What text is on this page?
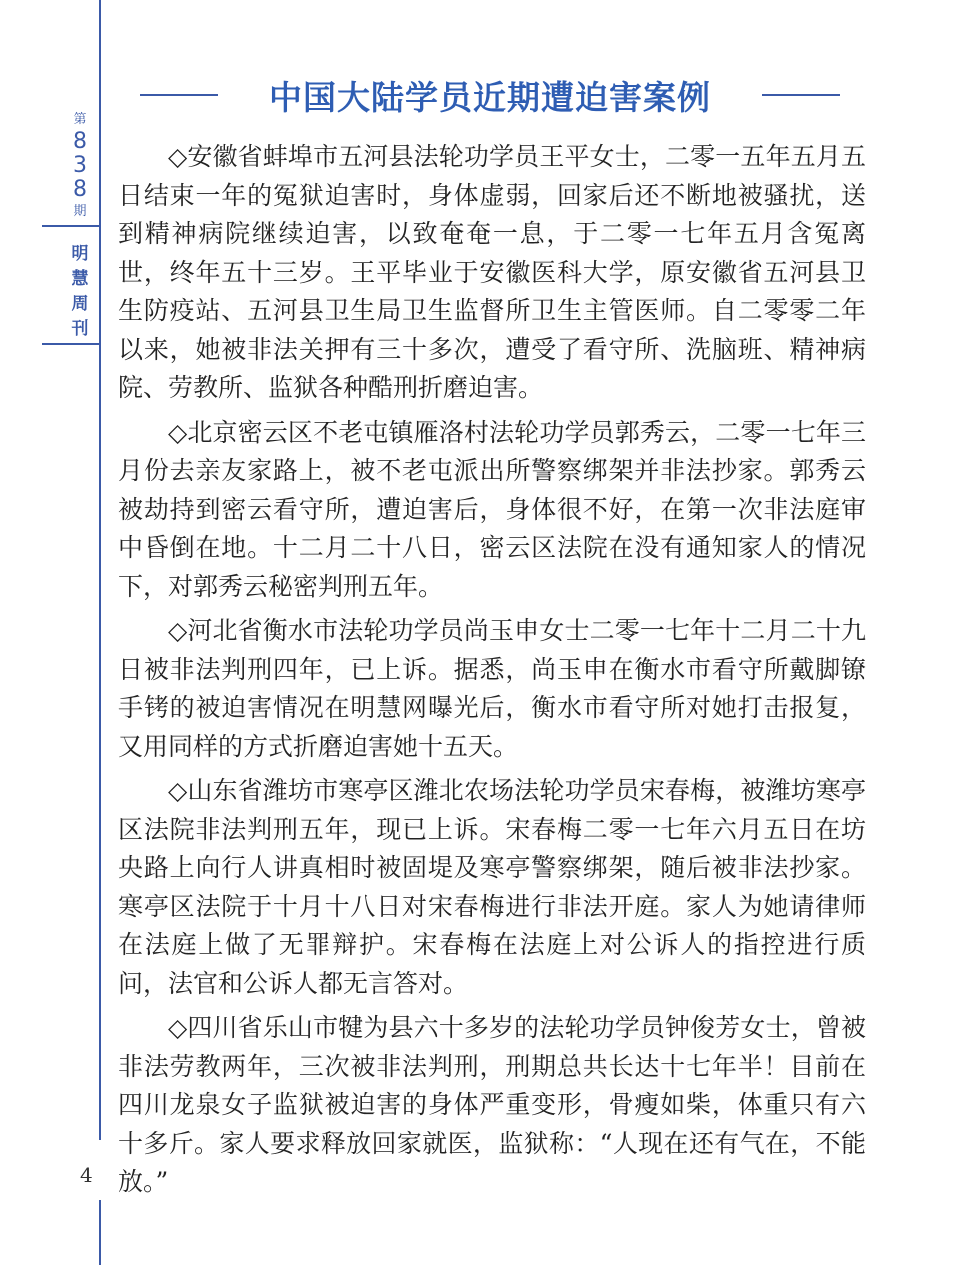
第
8
3
8
期
明
慧
周
刊
中国大陆学员近期遭迫害案例

◇安徽省蚌埠市五河县法轮功学员王平女士，二零一五年五月五日结束一年的冤狱迫害时，身体虚弱，回家后还不断地被骚扰，送到精神病院继续迫害，以致奄奄一息，于二零一七年五月含冤离世，终年五十三岁。王平毕业于安徽医科大学，原安徽省五河县卫生防疫站、五河县卫生局卫生监督所卫生主管医师。自二零零二年以来，她被非法关押有三十多次，遭受了看守所、洗脑班、精神病院、劳教所、监狱各种酷刑折磨迫害。

◇北京密云区不老屯镇雁洛村法轮功学员郭秀云，二零一七年三月份去亲友家路上，被不老屯派出所警察绑架并非法抄家。郭秀云被劫持到密云看守所，遭迫害后，身体很不好，在第一次非法庭审中昏倒在地。十二月二十八日，密云区法院在没有通知家人的情况下，对郭秀云秘密判刑五年。

◇河北省衡水市法轮功学员尚玉申女士二零一七年十二月二十九日被非法判刑四年，已上诉。据悉，尚玉申在衡水市看守所戴脚镣手铐的被迫害情况在明慧网曝光后，衡水市看守所对她打击报复，又用同样的方式折磨迫害她十五天。

◇山东省潍坊市寒亭区潍北农场法轮功学员宋春梅，被潍坊寒亭区法院非法判刑五年，现已上诉。宋春梅二零一七年六月五日在坊央路上向行人讲真相时被固堤及寒亭警察绑架，随后被非法抄家。寒亭区法院于十月十八日对宋春梅进行非法开庭。家人为她请律师在法庭上做了无罪辩护。宋春梅在法庭上对公诉人的指控进行质问，法官和公诉人都无言答对。

◇四川省乐山市犍为县六十多岁的法轮功学员钟俊芳女士，曾被非法劳教两年，三次被非法判刑，刑期总共长达十七年半！目前在四川龙泉女子监狱被迫害的身体严重变形，骨瘦如柴，体重只有六十多斤。家人要求释放回家就医，监狱称：“人现在还有气在，不能放。”

4
